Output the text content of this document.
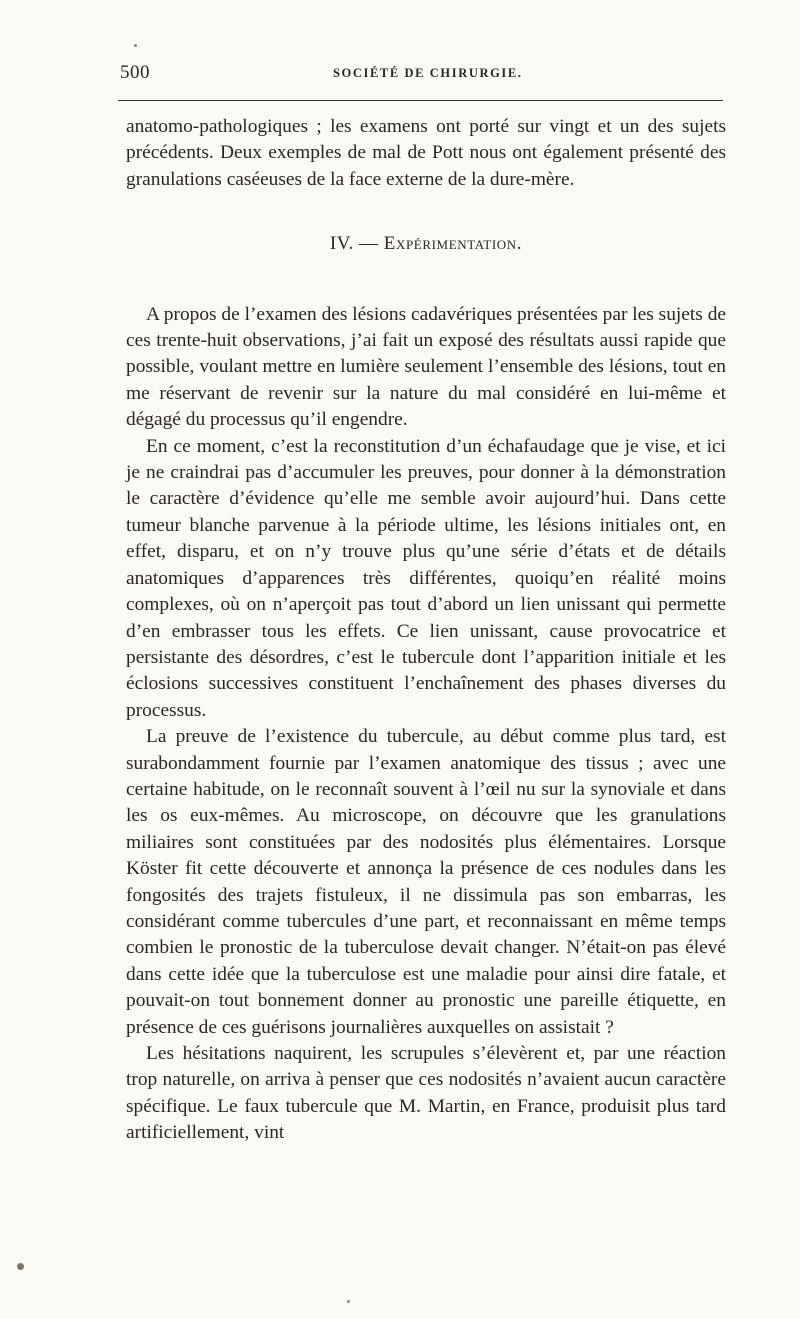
500	SOCIÉTÉ DE CHIRURGIE.

anatomo-pathologiques ; les examens ont porté sur vingt et un des sujets précédents. Deux exemples de mal de Pott nous ont également présenté des granulations caséeuses de la face externe de la dure-mère.

IV. — Expérimentation.

A propos de l’examen des lésions cadavériques présentées par les sujets de ces trente-huit observations, j’ai fait un exposé des résultats aussi rapide que possible, voulant mettre en lumière seulement l’ensemble des lésions, tout en me réservant de revenir sur la nature du mal considéré en lui-même et dégagé du processus qu’il engendre.

En ce moment, c’est la reconstitution d’un échafaudage que je vise, et ici je ne craindrai pas d’accumuler les preuves, pour donner à la démonstration le caractère d’évidence qu’elle me semble avoir aujourd’hui. Dans cette tumeur blanche parvenue à la période ultime, les lésions initiales ont, en effet, disparu, et on n’y trouve plus qu’une série d’états et de détails anatomiques d’apparences très différentes, quoiqu’en réalité moins complexes, où on n’aperçoit pas tout d’abord un lien unissant qui permette d’en embrasser tous les effets. Ce lien unissant, cause provocatrice et persistante des désordres, c’est le tubercule dont l’apparition initiale et les éclosions successives constituent l’enchaînement des phases diverses du processus.

La preuve de l’existence du tubercule, au début comme plus tard, est surabondamment fournie par l’examen anatomique des tissus ; avec une certaine habitude, on le reconnaît souvent à l’œil nu sur la synoviale et dans les os eux-mêmes. Au microscope, on découvre que les granulations miliaires sont constituées par des nodosités plus élémentaires. Lorsque Köster fit cette découverte et annonça la présence de ces nodules dans les fongosités des trajets fistuleux, il ne dissimula pas son embarras, les considérant comme tubercules d’une part, et reconnaissant en même temps combien le pronostic de la tuberculose devait changer. N’était-on pas élevé dans cette idée que la tuberculose est une maladie pour ainsi dire fatale, et pouvait-on tout bonnement donner au pronostic une pareille étiquette, en présence de ces guérisons journalières auxquelles on assistait ?

Les hésitations naquirent, les scrupules s’élevèrent et, par une réaction trop naturelle, on arriva à penser que ces nodosités n’avaient aucun caractère spécifique. Le faux tubercule que M. Martin, en France, produisit plus tard artificiellement, vint
